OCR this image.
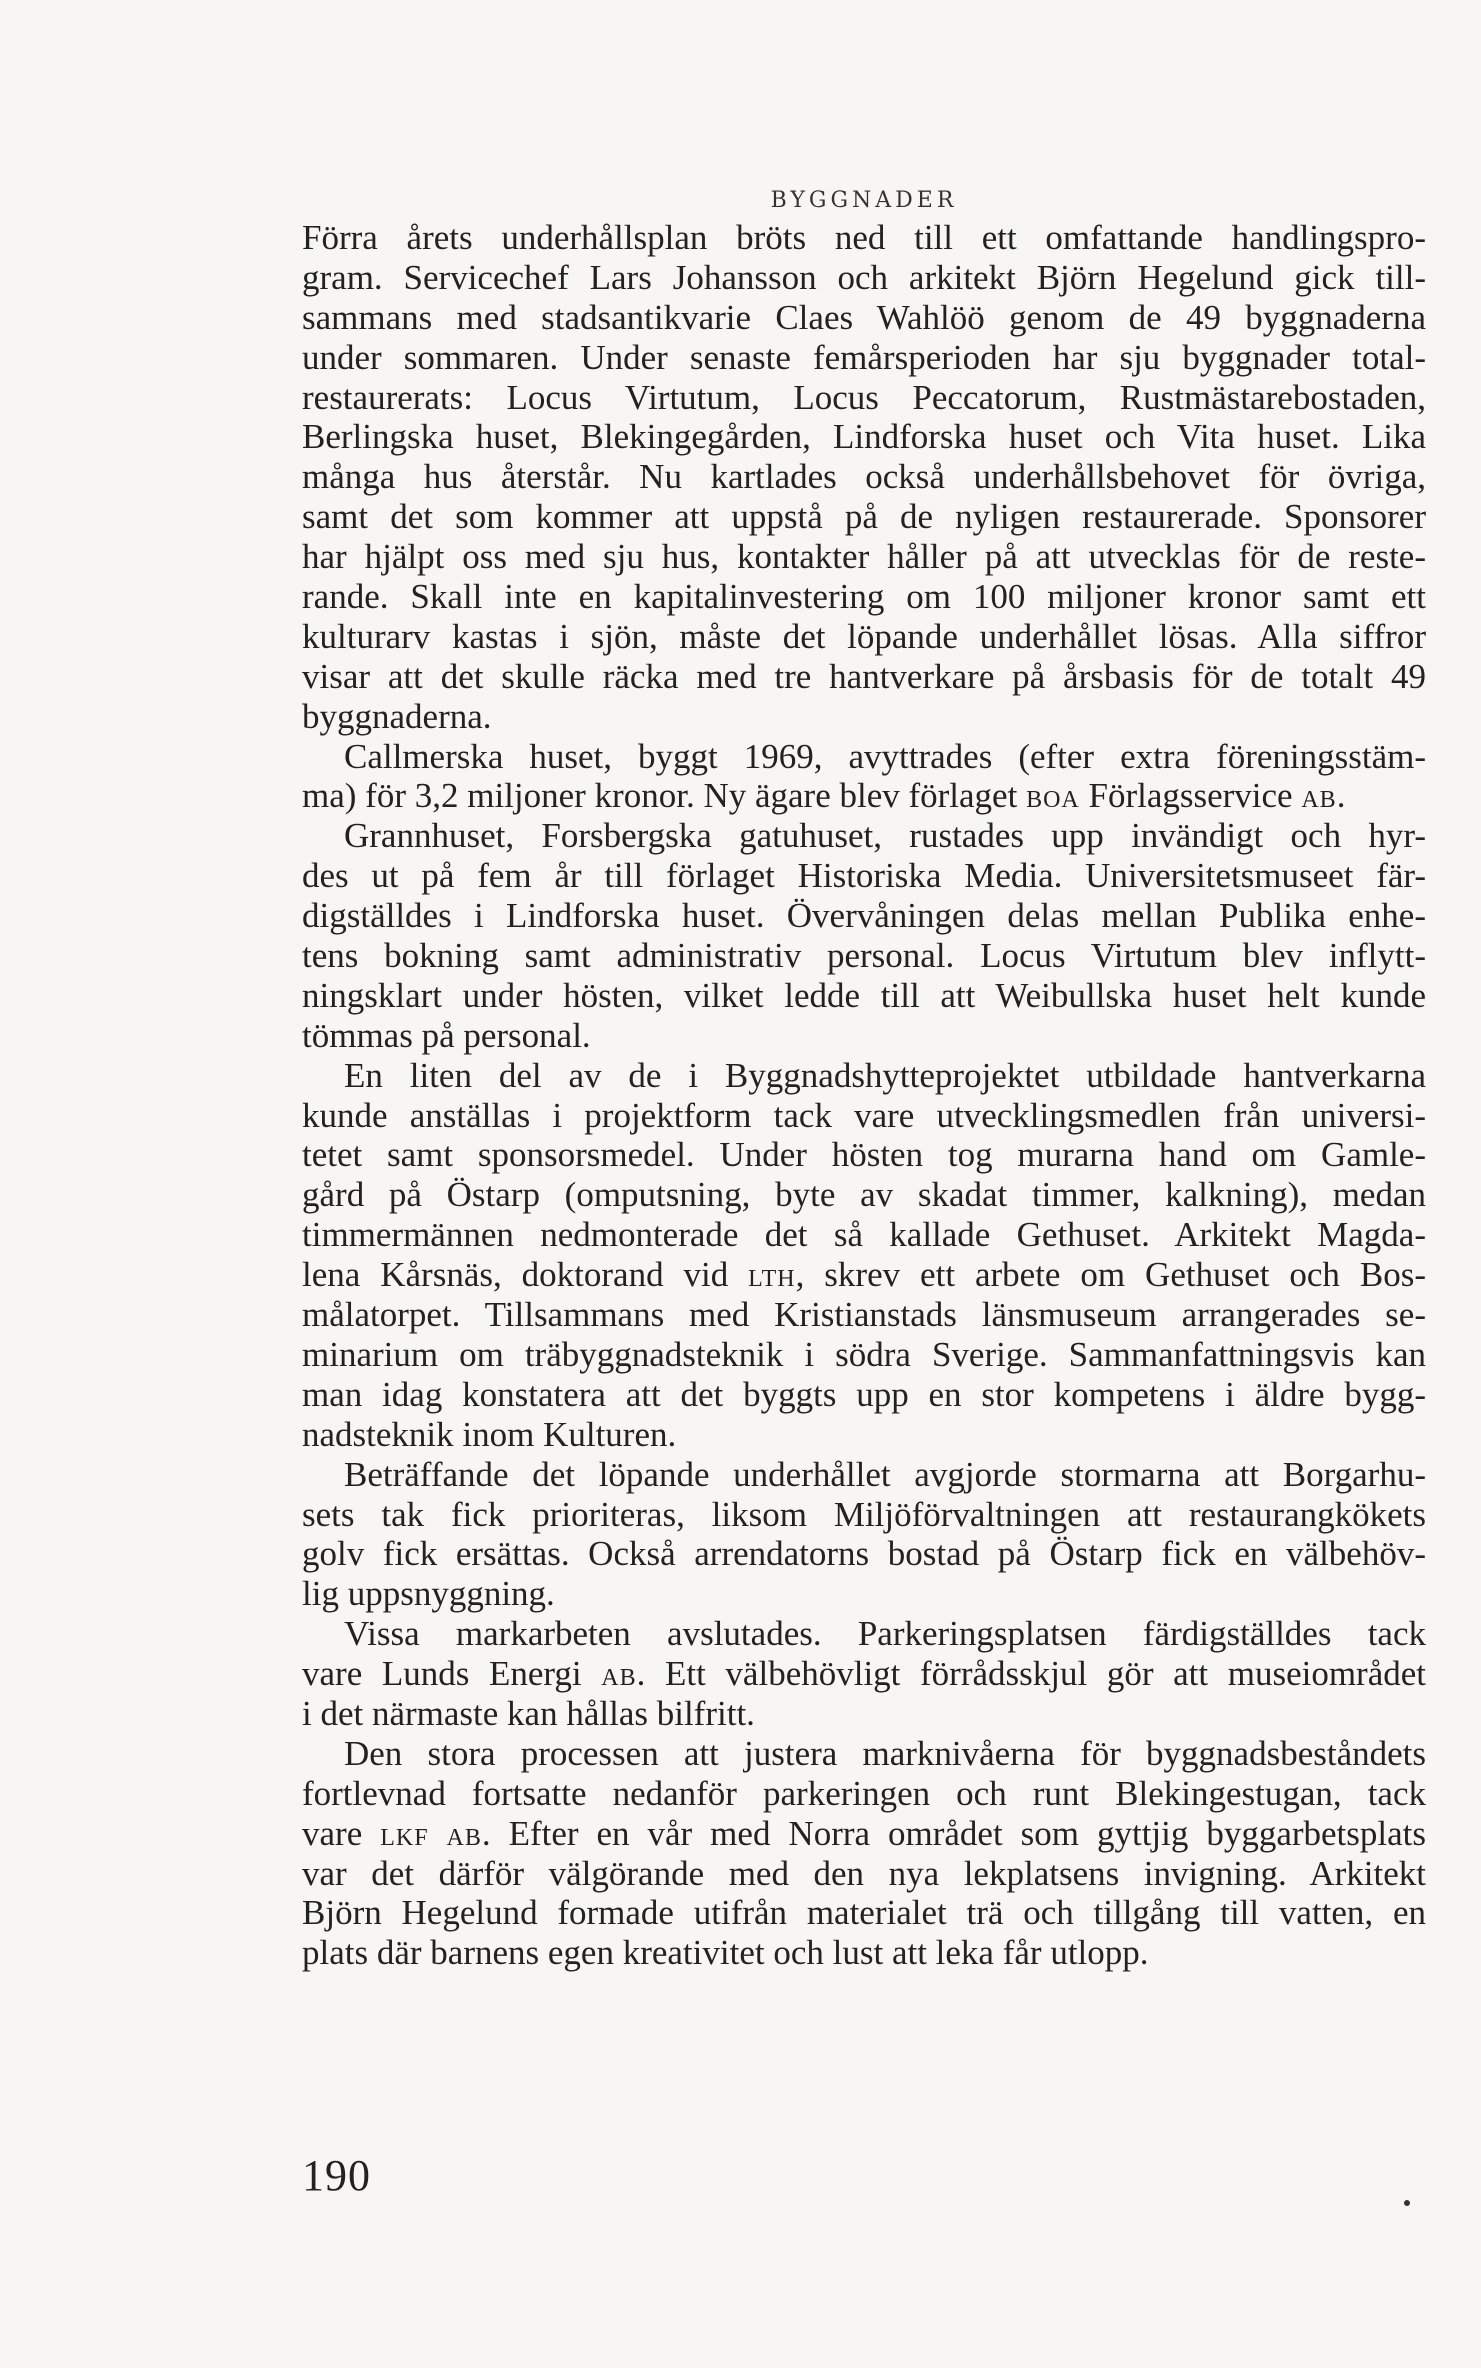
BYGGNADER
Förra årets underhållsplan bröts ned till ett omfattande handlingspro-
gram. Servicechef Lars Johansson och arkitekt Björn Hegelund gick till-
sammans med stadsantikvarie Claes Wahlöö genom de 49 byggnaderna
under sommaren. Under senaste femårsperioden har sju byggnader total-
restaurerats: Locus Virtutum, Locus Peccatorum, Rustmästarebostaden,
Berlingska huset, Blekingegården, Lindforska huset och Vita huset. Lika
många hus återstår. Nu kartlades också underhållsbehovet för övriga,
samt det som kommer att uppstå på de nyligen restaurerade. Sponsorer
har hjälpt oss med sju hus, kontakter håller på att utvecklas för de reste-
rande. Skall inte en kapitalinvestering om 100 miljoner kronor samt ett
kulturarv kastas i sjön, måste det löpande underhållet lösas. Alla siffror
visar att det skulle räcka med tre hantverkare på årsbasis för de totalt 49
byggnaderna.
Callmerska huset, byggt 1969, avyttrades (efter extra föreningsstäm-
ma) för 3,2 miljoner kronor. Ny ägare blev förlaget BOA Förlagsservice AB.
Grannhuset, Forsbergska gatuhuset, rustades upp invändigt och hyr-
des ut på fem år till förlaget Historiska Media. Universitetsmuseet fär-
digställdes i Lindforska huset. Övervåningen delas mellan Publika enhe-
tens bokning samt administrativ personal. Locus Virtutum blev inflytt-
ningsklart under hösten, vilket ledde till att Weibullska huset helt kunde
tömmas på personal.
En liten del av de i Byggnadshytteprojektet utbildade hantverkarna
kunde anställas i projektform tack vare utvecklingsmedlen från universi-
tetet samt sponsorsmedel. Under hösten tog murarna hand om Gamle-
gård på Östarp (omputsning, byte av skadat timmer, kalkning), medan
timmermännen nedmonterade det så kallade Gethuset. Arkitekt Magda-
lena Kårsnäs, doktorand vid LTH, skrev ett arbete om Gethuset och Bos-
målatorpet. Tillsammans med Kristianstads länsmuseum arrangerades se-
minarium om träbyggnadsteknik i södra Sverige. Sammanfattningsvis kan
man idag konstatera att det byggts upp en stor kompetens i äldre bygg-
nadsteknik inom Kulturen.
Beträffande det löpande underhållet avgjorde stormarna att Borgarhu-
sets tak fick prioriteras, liksom Miljöförvaltningen att restaurangkökets
golv fick ersättas. Också arrendatorns bostad på Östarp fick en välbehöv-
lig uppsnyggning.
Vissa markarbeten avslutades. Parkeringsplatsen färdigställdes tack
vare Lunds Energi AB. Ett välbehövligt förrådsskjul gör att museiområdet
i det närmaste kan hållas bilfritt.
Den stora processen att justera marknivåerna för byggnadsbeståndets
fortlevnad fortsatte nedanför parkeringen och runt Blekingestugan, tack
vare LKF AB. Efter en vår med Norra området som gyttjig byggarbetsplats
var det därför välgörande med den nya lekplatsens invigning. Arkitekt
Björn Hegelund formade utifrån materialet trä och tillgång till vatten, en
plats där barnens egen kreativitet och lust att leka får utlopp.
190
